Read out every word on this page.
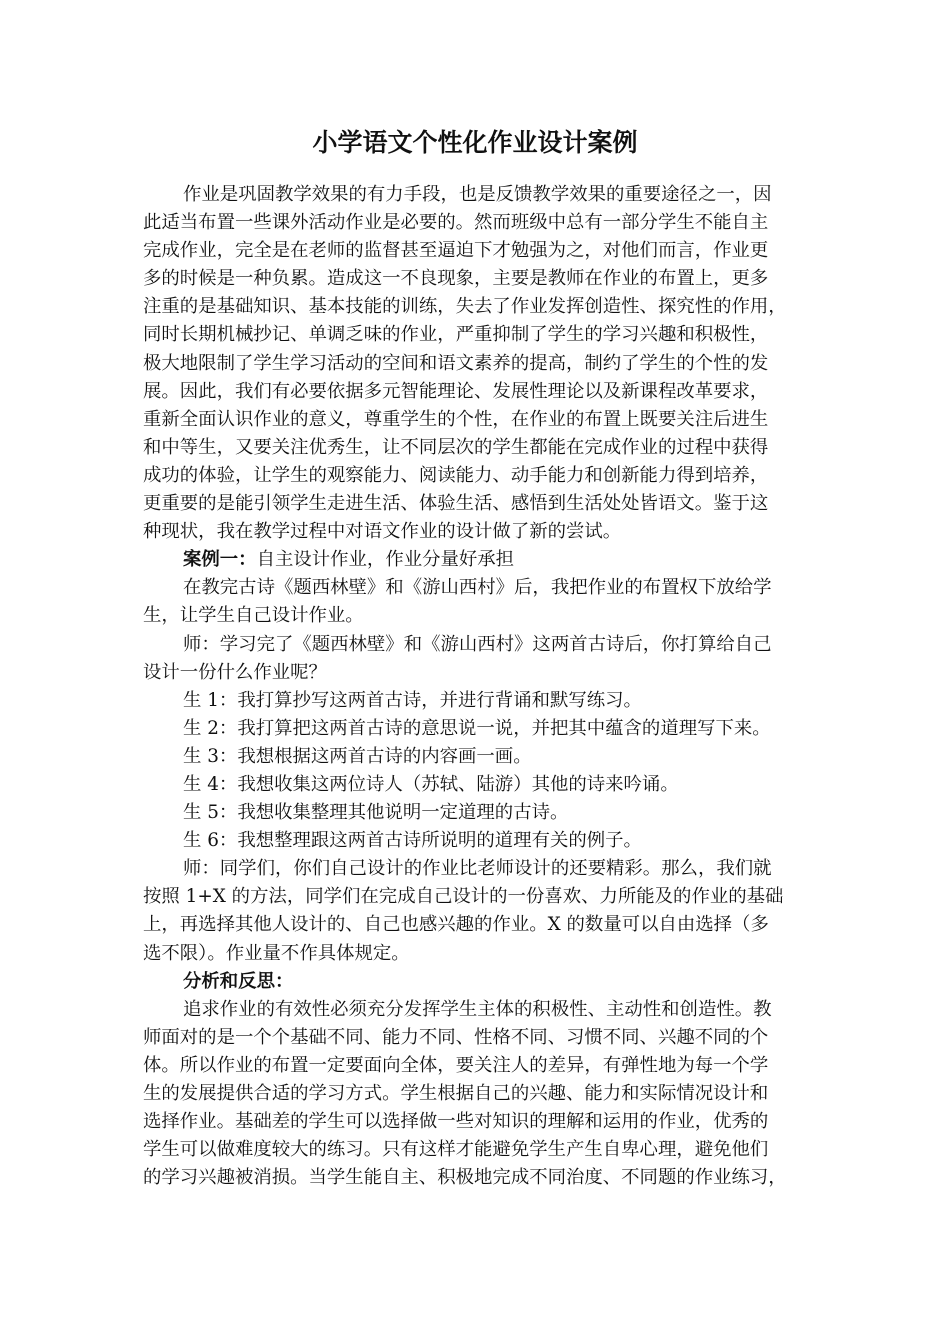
小学语文个性化作业设计案例
作业是巩固教学效果的有力手段，也是反馈教学效果的重要途径之一，因
此适当布置一些课外活动作业是必要的。然而班级中总有一部分学生不能自主
完成作业，完全是在老师的监督甚至逼迫下才勉强为之，对他们而言，作业更
多的时候是一种负累。造成这一不良现象，主要是教师在作业的布置上，更多
注重的是基础知识、基本技能的训练，失去了作业发挥创造性、探究性的作用，
同时长期机械抄记、单调乏味的作业，严重抑制了学生的学习兴趣和积极性，
极大地限制了学生学习活动的空间和语文素养的提高，制约了学生的个性的发
展。因此，我们有必要依据多元智能理论、发展性理论以及新课程改革要求，
重新全面认识作业的意义，尊重学生的个性，在作业的布置上既要关注后进生
和中等生，又要关注优秀生，让不同层次的学生都能在完成作业的过程中获得
成功的体验，让学生的观察能力、阅读能力、动手能力和创新能力得到培养，
更重要的是能引领学生走进生活、体验生活、感悟到生活处处皆语文。鉴于这
种现状，我在教学过程中对语文作业的设计做了新的尝试。
案例一：自主设计作业，作业分量好承担
在教完古诗《题西林壁》和《游山西村》后，我把作业的布置权下放给学
生，让学生自己设计作业。
师：学习完了《题西林壁》和《游山西村》这两首古诗后，你打算给自己
设计一份什么作业呢？
生 1：我打算抄写这两首古诗，并进行背诵和默写练习。
生 2：我打算把这两首古诗的意思说一说，并把其中蕴含的道理写下来。
生 3：我想根据这两首古诗的内容画一画。
生 4：我想收集这两位诗人（苏轼、陆游）其他的诗来吟诵。
生 5：我想收集整理其他说明一定道理的古诗。
生 6：我想整理跟这两首古诗所说明的道理有关的例子。
师：同学们，你们自己设计的作业比老师设计的还要精彩。那么，我们就
按照 1+X 的方法，同学们在完成自己设计的一份喜欢、力所能及的作业的基础
上，再选择其他人设计的、自己也感兴趣的作业。X 的数量可以自由选择（多
选不限）。作业量不作具体规定。
分析和反思：
追求作业的有效性必须充分发挥学生主体的积极性、主动性和创造性。教
师面对的是一个个基础不同、能力不同、性格不同、习惯不同、兴趣不同的个
体。所以作业的布置一定要面向全体，要关注人的差异，有弹性地为每一个学
生的发展提供合适的学习方式。学生根据自己的兴趣、能力和实际情况设计和
选择作业。基础差的学生可以选择做一些对知识的理解和运用的作业，优秀的
学生可以做难度较大的练习。只有这样才能避免学生产生自卑心理，避免他们
的学习兴趣被消损。当学生能自主、积极地完成不同治度、不同题的作业练习，
